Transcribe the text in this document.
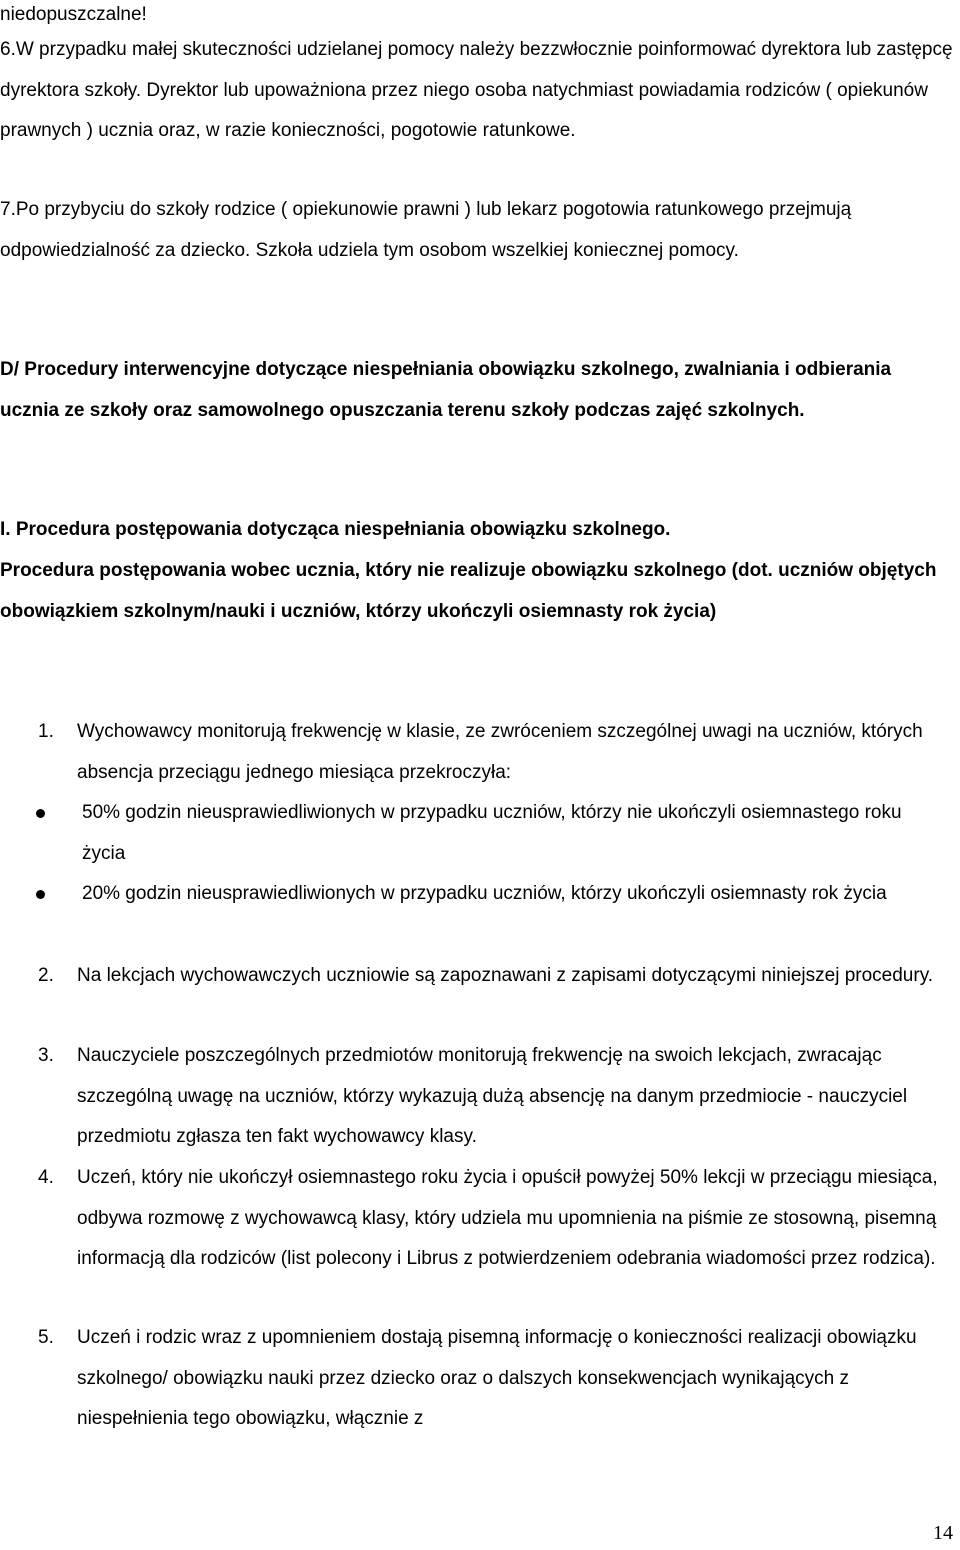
niedopuszczalne!

6.W przypadku małej skuteczności udzielanej pomocy należy bezzwłocznie poinformować dyrektora lub zastępcę dyrektora szkoły. Dyrektor lub upoważniona przez niego osoba natychmiast powiadamia rodziców ( opiekunów prawnych ) ucznia oraz, w razie konieczności, pogotowie ratunkowe.

7.Po przybyciu do szkoły rodzice ( opiekunowie prawni ) lub lekarz pogotowia ratunkowego przejmują odpowiedzialność za dziecko. Szkoła udziela tym osobom wszelkiej koniecznej pomocy.

D/ Procedury interwencyjne dotyczące niespełniania obowiązku szkolnego, zwalniania i odbierania ucznia ze szkoły oraz samowolnego opuszczania terenu szkoły podczas zajęć szkolnych.

I. Procedura postępowania dotycząca niespełniania obowiązku szkolnego.

Procedura postępowania wobec ucznia, który nie realizuje obowiązku szkolnego (dot. uczniów objętych obowiązkiem szkolnym/nauki i uczniów, którzy ukończyli osiemnasty rok życia)

1. Wychowawcy monitorują frekwencję w klasie, ze zwróceniem szczególnej uwagi na uczniów, których absencja przeciągu jednego miesiąca przekroczyła:
50% godzin nieusprawiedliwionych w przypadku uczniów, którzy nie ukończyli osiemnastego roku życia
20% godzin nieusprawiedliwionych w przypadku uczniów, którzy ukończyli osiemnasty rok życia
2. Na lekcjach wychowawczych uczniowie są zapoznawani z zapisami dotyczącymi niniejszej procedury.
3. Nauczyciele poszczególnych przedmiotów monitorują frekwencję na swoich lekcjach, zwracając szczególną uwagę na uczniów, którzy wykazują dużą absencję na danym przedmiocie - nauczyciel przedmiotu zgłasza ten fakt wychowawcy klasy.
4. Uczeń, który nie ukończył osiemnastego roku życia i opuścił powyżej 50% lekcji w przeciągu miesiąca, odbywa rozmowę z wychowawcą klasy, który udziela mu upomnienia na piśmie ze stosowną, pisemną informacją dla rodziców (list polecony i Librus z potwierdzeniem odebrania wiadomości przez rodzica).
5. Uczeń i rodzic wraz z upomnieniem dostają pisemną informację o konieczności realizacji obowiązku szkolnego/ obowiązku nauki przez dziecko oraz o dalszych konsekwencjach wynikających z niespełnienia tego obowiązku, włącznie z
14
